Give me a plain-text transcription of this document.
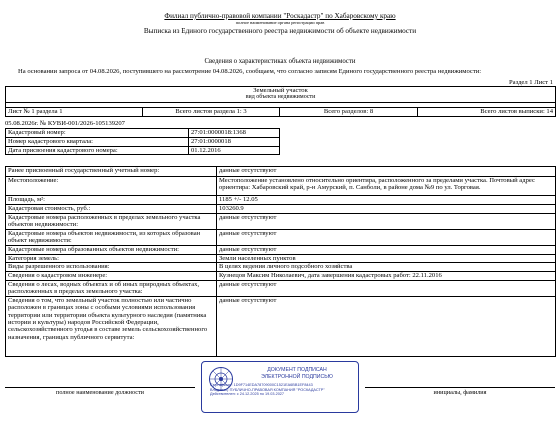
Филиал публично-правовой компании "Роскадастр" по Хабаровскому краю
полное наименование органа регистрации прав
Выписка из Единого государственного реестра недвижимости об объекте недвижимости
Сведения о характеристиках объекта недвижимости
На основании запроса от 04.08.2026, поступившего на рассмотрение 04.08.2026, сообщаем, что согласно записям Единого государственного реестра недвижимости:
Раздел 1 Лист 1
Земельный участок
вид объекта недвижимости

Лист № 1 раздела 1	Всего листов раздела 1: 3	Всего разделов: 8	Всего листов выписки: 14
05.08.2026г. № КУВИ-001/2026-105139207
Кадастровый номер:	27:01:0000018:1368
Номер кадастрового квартала:	27:01:0000018
Дата присвоения кадастрового номера:	01.12.2016
Ранее присвоенный государственный учетный номер:	данные отсутствуют
Местоположение:	Местоположение установлено относительно ориентира, расположенного за пределами участка. Почтовый адрес ориентира: Хабаровский край, р-н Амурский, п. Санболи, в районе дома №9 по ул. Торговая.
Площадь, м²:	1185 +/- 12.05
Кадастровая стоимость, руб.:	103260.9
Кадастровые номера расположенных в пределах земельного участка объектов недвижимости:	данные отсутствуют
Кадастровые номера объектов недвижимости, из которых образован объект недвижимости:	данные отсутствуют
Кадастровые номера образованных объектов недвижимости:	данные отсутствуют
Категория земель:	Земли населенных пунктов
Виды разрешенного использования:	В целях ведения личного подсобного хозяйства
Сведения о кадастровом инженере:	Кузнецов Максим Николаевич, дата завершения кадастровых работ: 22.11.2016
Сведения о лесах, водных объектах и об иных природных объектах, расположенных в пределах земельного участка:	данные отсутствуют
Сведения о том, что земельный участок полностью или частично расположен в границах зоны с особыми условиями использования территории или территории объекта культурного наследия (памятника истории и культуры) народов Российской Федерации, сельскохозяйственного угодья в составе земель сельскохозяйственного назначения, границах публичного сервитута:	данные отсутствуют
полное наименование должности	инициалы, фамилия
ДОКУМЕНТ ПОДПИСАН
ЭЛЕКТРОННОЙ ПОДПИСЬЮ
Сертификат: 1D9F714EDA78709000C1521EA6BB1EF8443
Владелец: ПУБЛИЧНО-ПРАВОВАЯ КОМПАНИЯ "РОСКАДАСТР"
Действителен: с 24.12.2025 по 19.03.2027
